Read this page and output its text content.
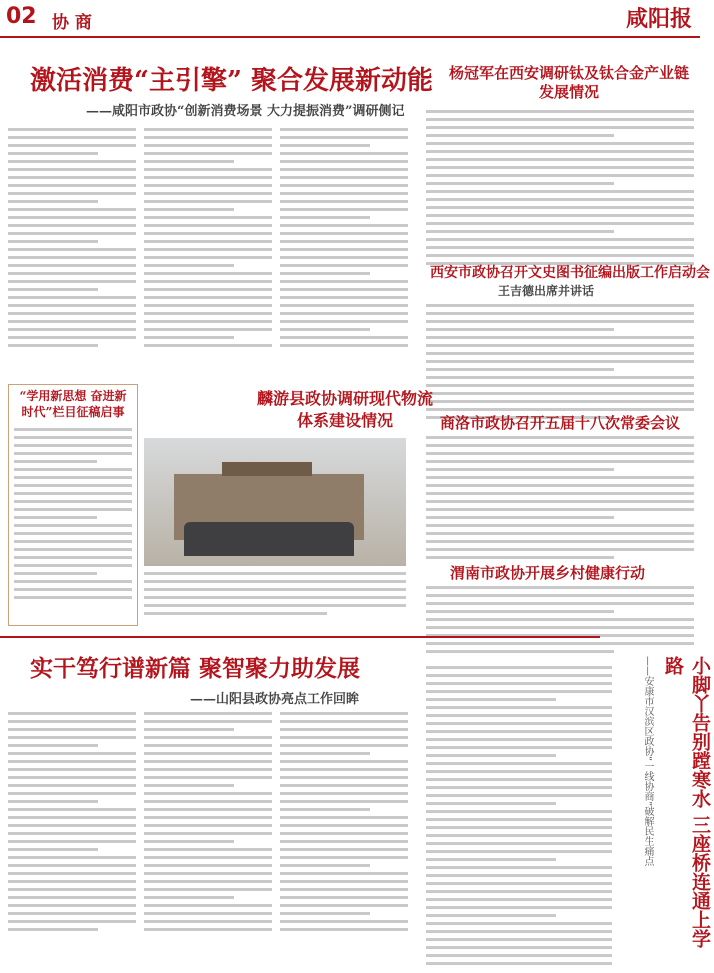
02 协 商	咸阳报
激活消费“主引擎” 聚合发展新动能
——咸阳市政协“创新消费场景 大力提振消费”调研侧记
杨冠军在西安调研钛及钛合金产业链发展情况
西安市政协召开文史图书征编出版工作启动会
王吉德出席并讲话
商洛市政协召开五届十八次常委会议
渭南市政协开展乡村健康行动
麟游县政协调研现代物流体系建设情况
“学用新思想 奋进新时代”栏目征稿启事
实干笃行谱新篇 聚智聚力助发展
——山阳县政协亮点工作回眸	小脚丫告别蹚寒水 三座桥连通上学路
——安康市汉滨区政协“一线协商”破解民生痛点
